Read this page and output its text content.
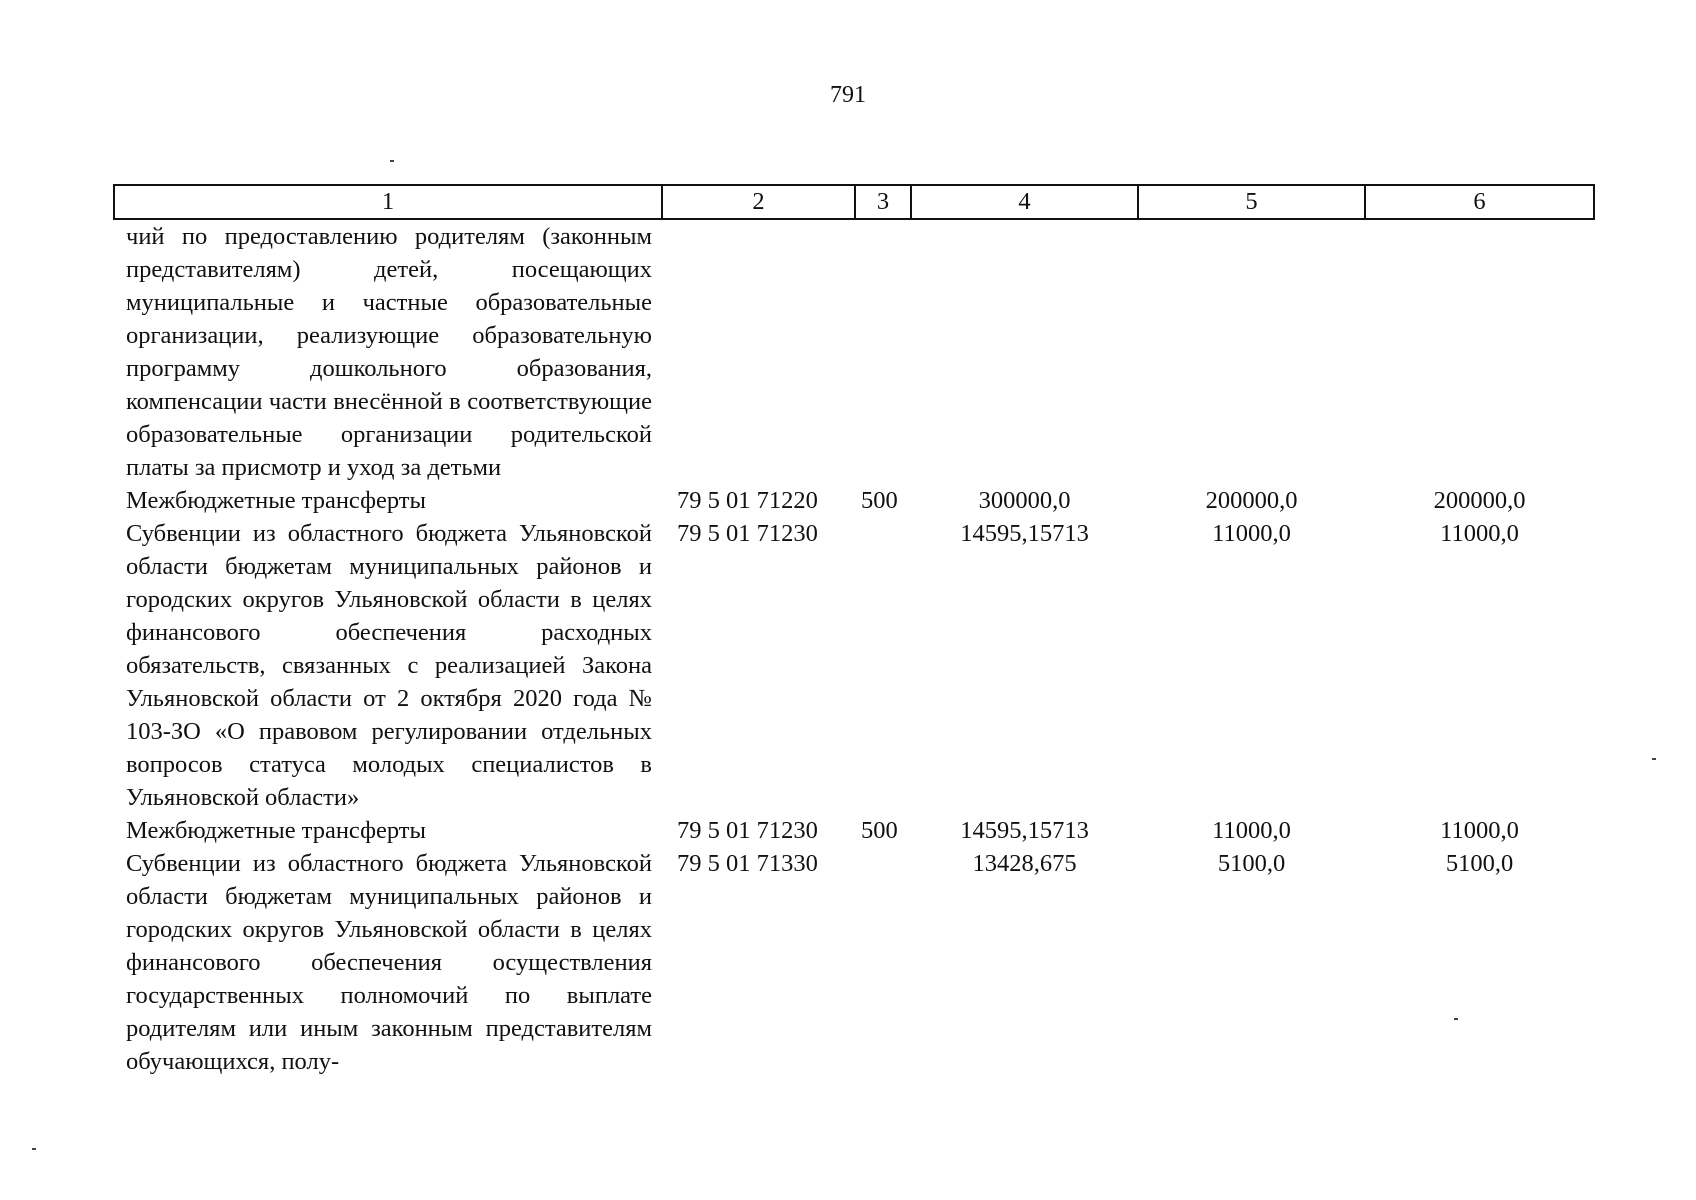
791
1	2	3	4	5	6
чий по предоставлению родителям (законным представителям) детей, посещающих муниципальные и частные образовательные организации, реализующие образовательную программу дошкольного образования, компенсации части внесённой в соответствующие образовательные организации родительской платы за присмотр и уход за детьми					
Межбюджетные трансферты	79 5 01 71220	500	300000,0	200000,0	200000,0
Субвенции из областного бюджета Ульяновской области бюджетам муниципальных районов и городских округов Ульяновской области в целях финансового обеспечения расходных обязательств, связанных с реализацией Закона Ульяновской области от 2 октября 2020 года № 103-ЗО «О правовом регулировании отдельных вопросов статуса молодых специалистов в Ульяновской области»	79 5 01 71230		14595,15713	11000,0	11000,0
Межбюджетные трансферты	79 5 01 71230	500	14595,15713	11000,0	11000,0
Субвенции из областного бюджета Ульяновской области бюджетам муниципальных районов и городских округов Ульяновской области в целях финансового обеспечения осуществления государственных полномочий по выплате родителям или иным законным представителям обучающихся, полу-	79 5 01 71330		13428,675	5100,0	5100,0
